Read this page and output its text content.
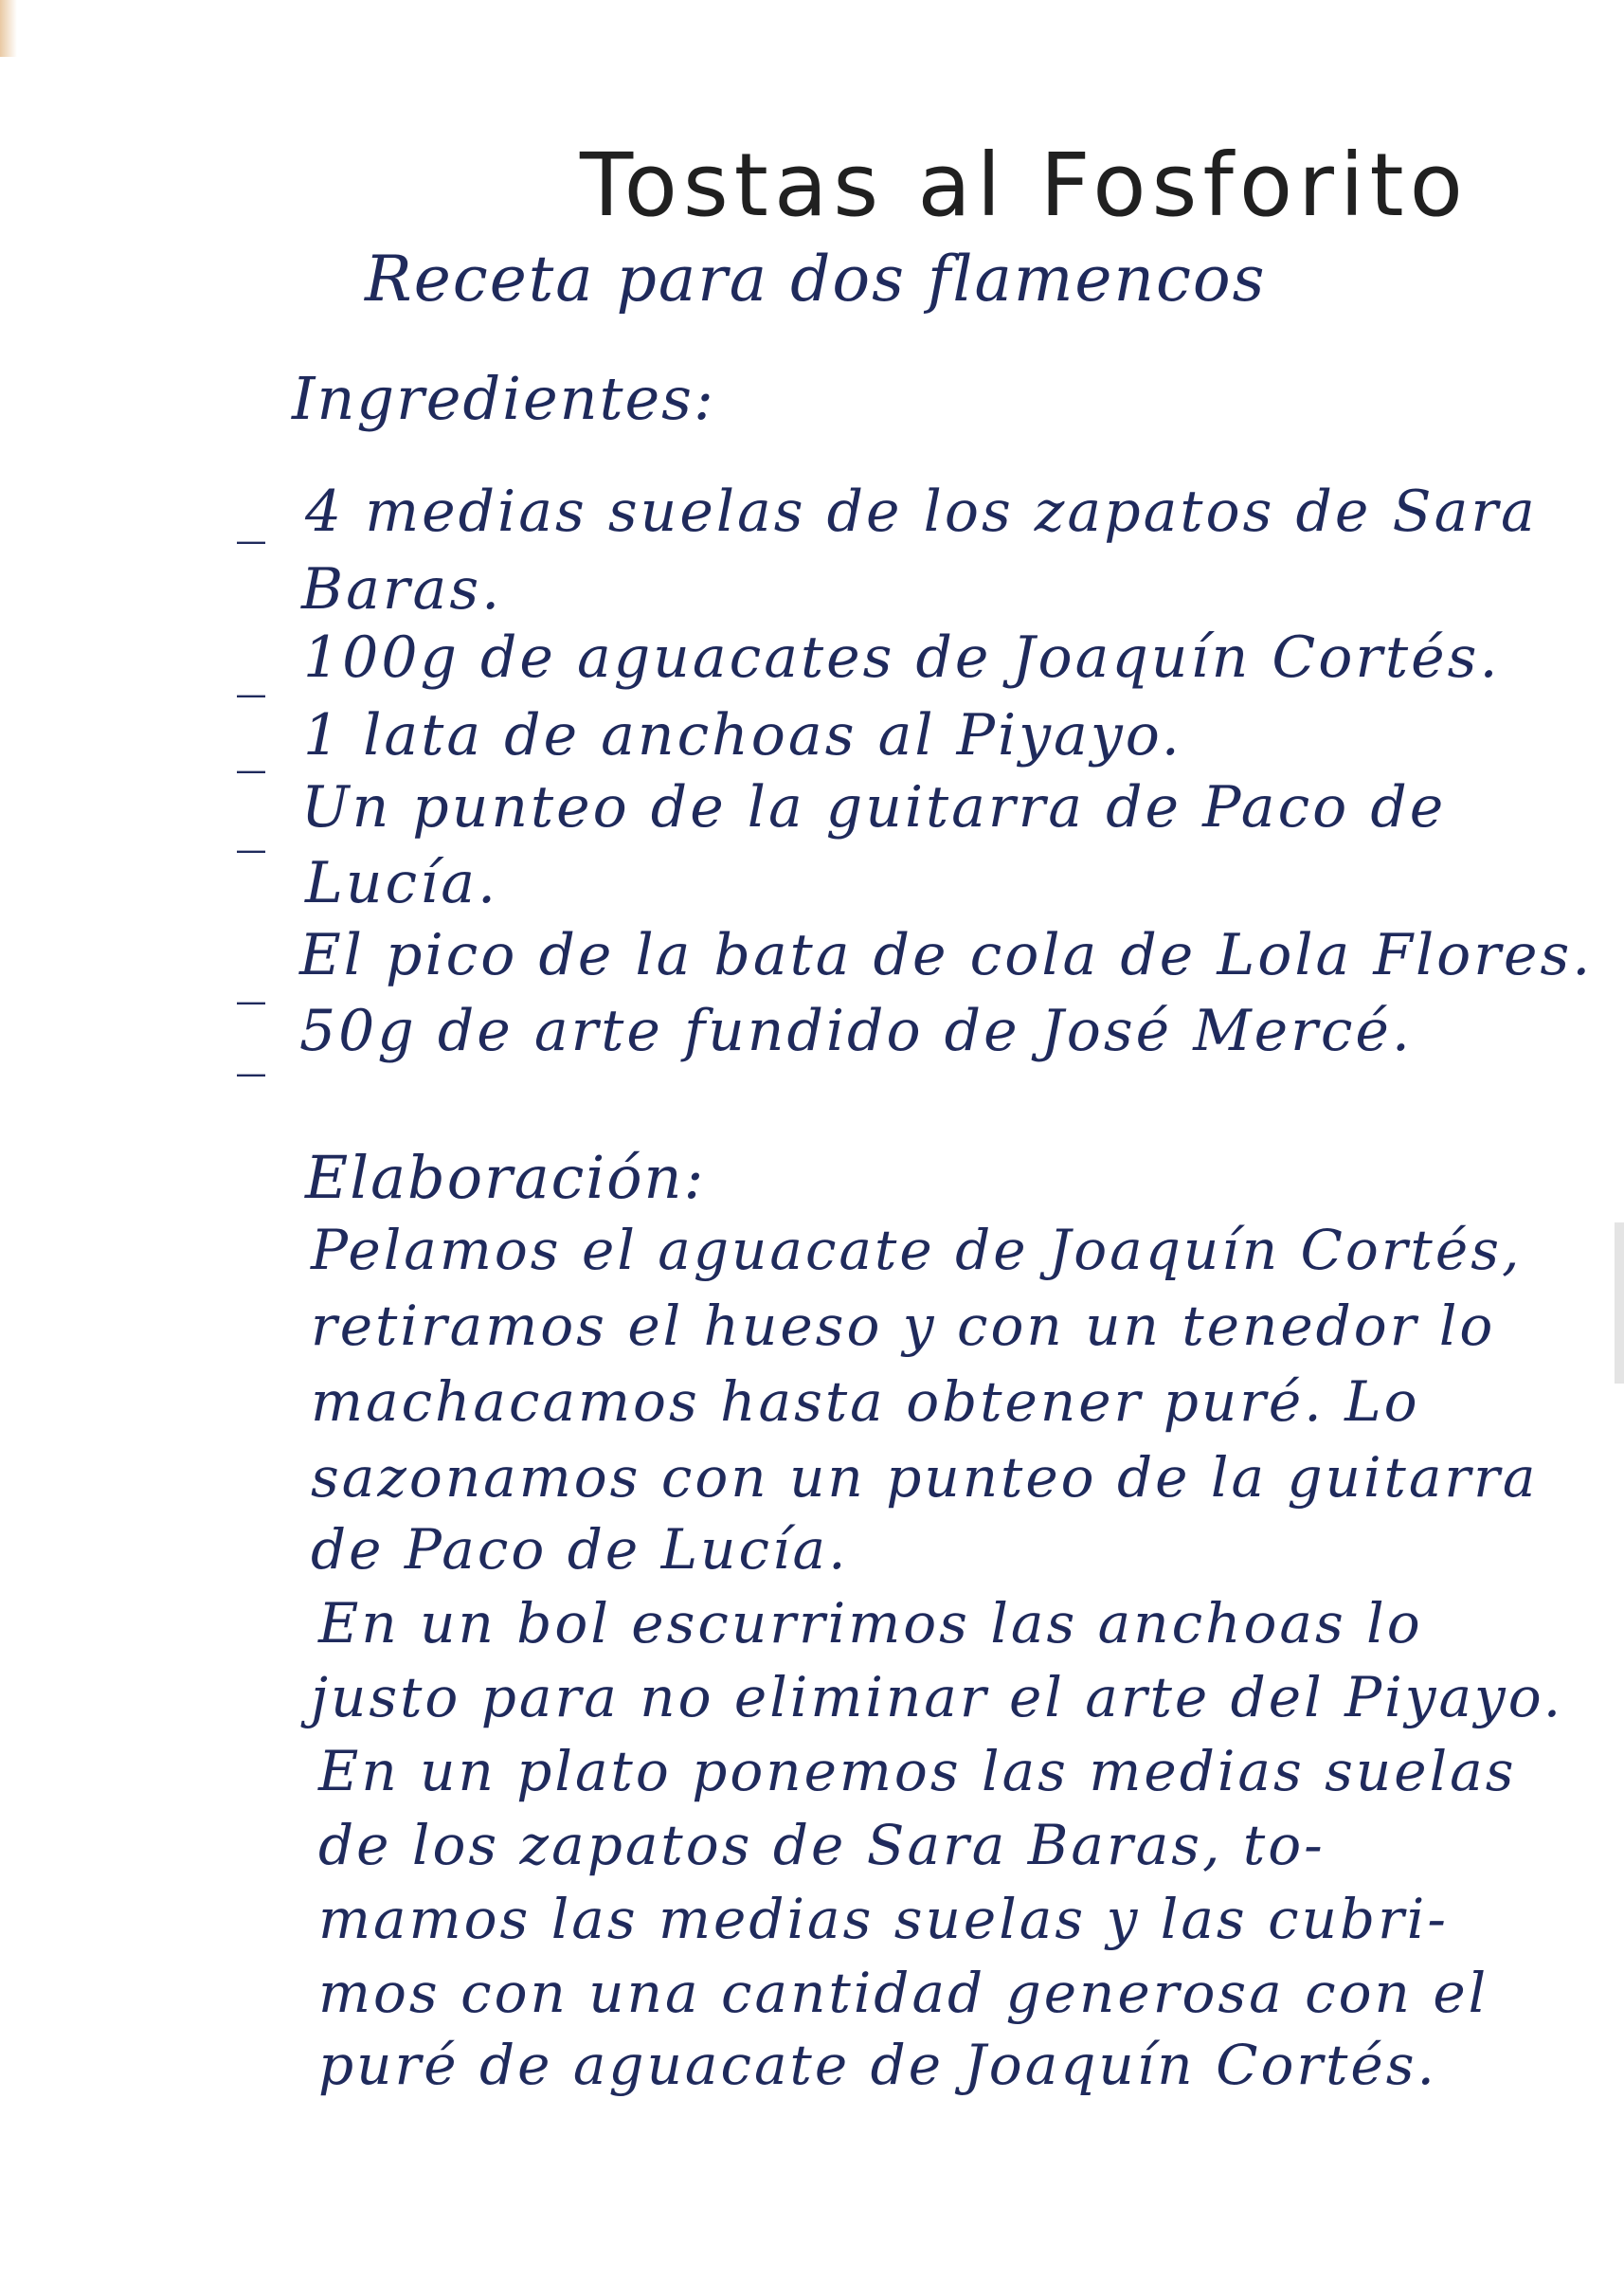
Tostas al Fosforito
Receta para dos flamencos
Ingredientes:
_ 4 medias suelas de los zapatos de Sara
Baras.
_ 100g de aguacates de Joaquín Cortés.
_ 1 lata de anchoas al Piyayo.
_ Un punteo de la guitarra de Paco de
Lucía.
_ El pico de la bata de cola de Lola Flores.
_ 50g de arte fundido de José Mercé.
Elaboración:
Pelamos el aguacate de Joaquín Cortés,
retiramos el hueso y con un tenedor lo
machacamos hasta obtener puré. Lo
sazonamos con un punteo de la guitarra
de Paco de Lucía.
En un bol escurrimos las anchoas lo
justo para no eliminar el arte del Piyayo.
En un plato ponemos las medias suelas
de los zapatos de Sara Baras, to-
mamos las medias suelas y las cubri-
mos con una cantidad generosa con el
puré de aguacate de Joaquín Cortés.
